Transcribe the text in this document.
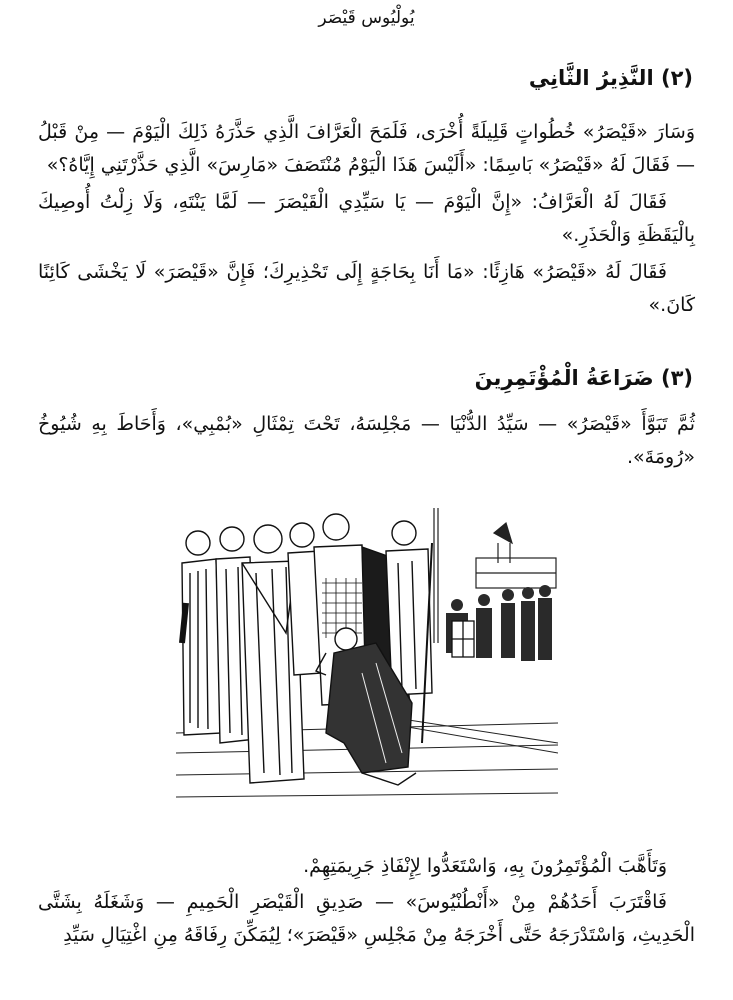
يُولْيُوس قَيْصَر
(٢) النَّذِيرُ الثَّانِي
وَسَارَ «قَيْصَرُ» خُطُواتٍ قَلِيلَةً أُخْرَى، فَلَمَحَ الْعَرَّافَ الَّذِي حَذَّرَهُ ذَلِكَ الْيَوْمَ — مِنْ قَبْلُ — فَقَالَ لَهُ «قَيْصَرُ» بَاسِمًا: «أَلَيْسَ هَذَا الْيَوْمُ مُنْتَصَفَ «مَارِسَ» الَّذِي حَذَّرْتَنِي إِيَّاهُ؟»
فَقَالَ لَهُ الْعَرَّافُ: «إِنَّ الْيَوْمَ — يَا سَيِّدِي الْقَيْصَرَ — لَمَّا يَنْتَهِ، وَلَا زِلْتُ أُوصِيكَ بِالْيَقَظَةِ وَالْحَذَرِ.»
فَقَالَ لَهُ «قَيْصَرُ» هَازِئًا: «مَا أَنَا بِحَاجَةٍ إِلَى تَحْذِيرِكَ؛ فَإِنَّ «قَيْصَرَ» لَا يَخْشَى كَائِنًا كَانَ.»
(٣) ضَرَاعَةُ الْمُؤْتَمِرِينَ
ثُمَّ تَبَوَّأَ «قَيْصَرُ» — سَيِّدُ الدُّنْيَا — مَجْلِسَهُ، تَحْتَ تِمْثَالِ «بُمْبِي»، وَأَحَاطَ بِهِ شُيُوخُ «رُومَةَ».
وَتَأَهَّبَ الْمُؤْتَمِرُونَ بِهِ، وَاسْتَعَدُّوا لِإِنْفَاذِ جَرِيمَتِهِمْ.
فَاقْتَرَبَ أَحَدُهُمْ مِنْ «أَنْطُنْيُوسَ» — صَدِيقِ الْقَيْصَرِ الْحَمِيمِ — وَشَغَلَهُ بِشَتَّى الْحَدِيثِ، وَاسْتَدْرَجَهُ حَتَّى أَخْرَجَهُ مِنْ مَجْلِسِ «قَيْصَرَ»؛ لِيُمَكِّنَ رِفَاقَهُ مِنِ اغْتِيَالِ سَيِّدِ
